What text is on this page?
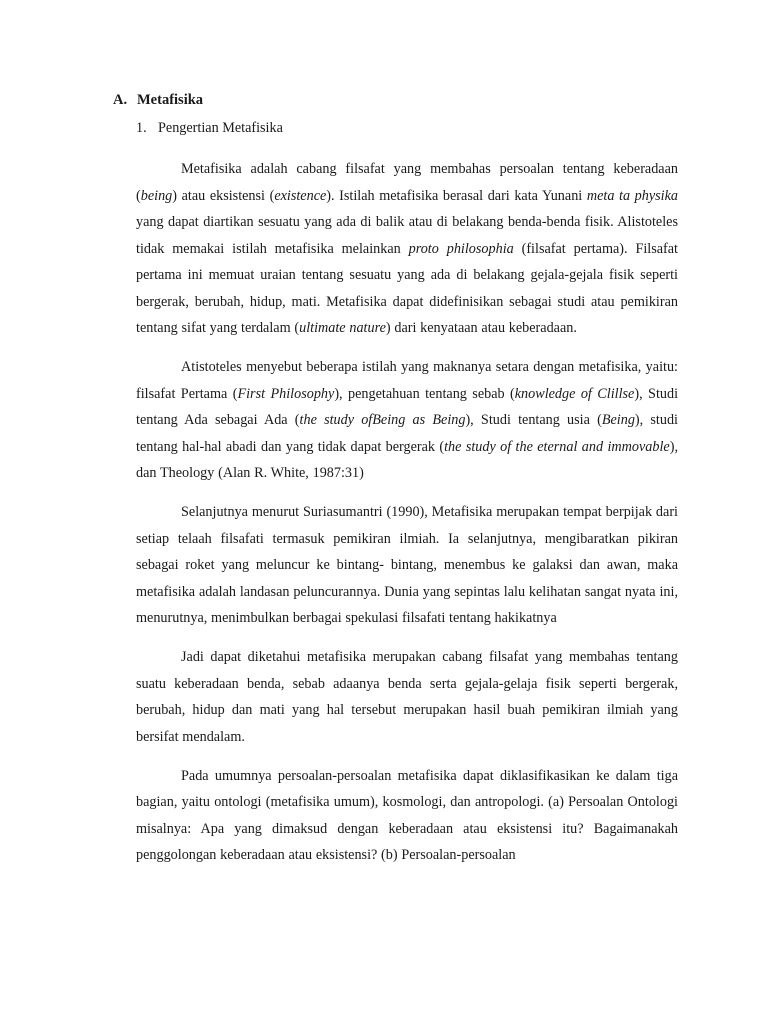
A. Metafisika
1. Pengertian Metafisika

Metafisika adalah cabang filsafat yang membahas persoalan tentang keberadaan (being) atau eksistensi (existence). Istilah metafisika berasal dari kata Yunani meta ta physika yang dapat diartikan sesuatu yang ada di balik atau di belakang benda-benda fisik. Alistoteles tidak memakai istilah metafisika melainkan proto philosophia (filsafat pertama). Filsafat pertama ini memuat uraian tentang sesuatu yang ada di belakang gejala-gejala fisik seperti bergerak, berubah, hidup, mati. Metafisika dapat didefinisikan sebagai studi atau pemikiran tentang sifat yang terdalam (ultimate nature) dari kenyataan atau keberadaan.

Atistoteles menyebut beberapa istilah yang maknanya setara dengan metafisika, yaitu: filsafat Pertama (First Philosophy), pengetahuan tentang sebab (knowledge of Clillse), Studi tentang Ada sebagai Ada (the study ofBeing as Being), Studi tentang usia (Being), studi tentang hal-hal abadi dan yang tidak dapat bergerak (the study of the eternal and immovable), dan Theology (Alan R. White, 1987:31)

Selanjutnya menurut Suriasumantri (1990), Metafisika merupakan tempat berpijak dari setiap telaah filsafati termasuk pemikiran ilmiah. Ia selanjutnya, mengibaratkan pikiran sebagai roket yang meluncur ke bintang- bintang, menembus ke galaksi dan awan, maka metafisika adalah landasan peluncurannya. Dunia yang sepintas lalu kelihatan sangat nyata ini, menurutnya, menimbulkan berbagai spekulasi filsafati tentang hakikatnya

Jadi dapat diketahui metafisika merupakan cabang filsafat yang membahas tentang suatu keberadaan benda, sebab adaanya benda serta gejala-gelaja fisik seperti bergerak, berubah, hidup dan mati yang hal tersebut merupakan hasil buah pemikiran ilmiah yang bersifat mendalam.

Pada umumnya persoalan-persoalan metafisika dapat diklasifikasikan ke dalam tiga bagian, yaitu ontologi (metafisika umum), kosmologi, dan antropologi. (a) Persoalan Ontologi misalnya: Apa yang dimaksud dengan keberadaan atau eksistensi itu? Bagaimanakah penggolongan keberadaan atau eksistensi? (b) Persoalan-persoalan
